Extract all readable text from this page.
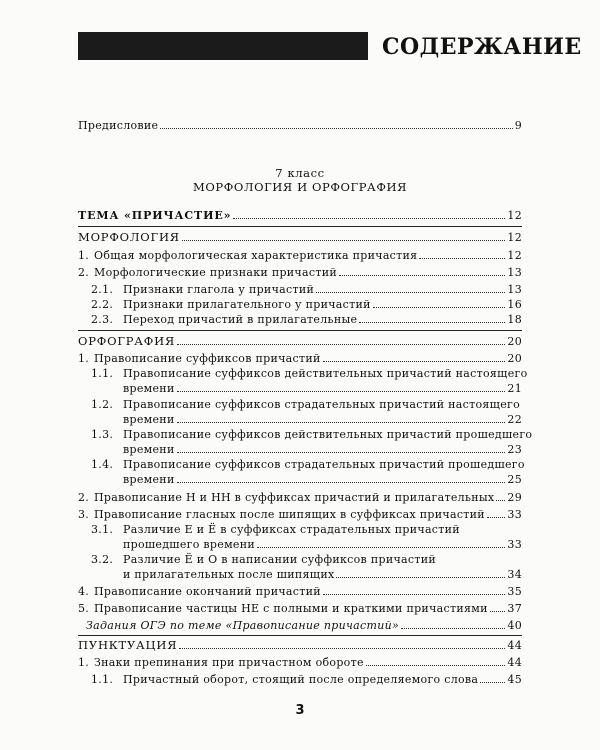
СОДЕРЖАНИЕ
Предисловие	9
7 класс
МОРФОЛОГИЯ И ОРФОГРАФИЯ
ТЕМА «ПРИЧАСТИЕ»	12
МОРФОЛОГИЯ	12
1. Общая морфологическая характеристика причастия	12
2. Морфологические признаки причастий	13
2.1. Признаки глагола у причастий	13
2.2. Признаки прилагательного у причастий	16
2.3. Переход причастий в прилагательные	18
ОРФОГРАФИЯ	20
1. Правописание суффиксов причастий	20
1.1. Правописание суффиксов действительных причастий настоящего
времени	21
1.2. Правописание суффиксов страдательных причастий настоящего
времени	22
1.3. Правописание суффиксов действительных причастий прошедшего
времени	23
1.4. Правописание суффиксов страдательных причастий прошедшего
времени	25
2. Правописание Н и НН в суффиксах причастий и прилагательных 29
3. Правописание гласных после шипящих в суффиксах причастий 33
3.1. Различие Е и Ё в суффиксах страдательных причастий
прошедшего времени	33
3.2. Различие Ё и О в написании суффиксов причастий
и прилагательных после шипящих	34
4. Правописание окончаний причастий	35
5. Правописание частицы НЕ с полными и краткими причастиями 37
Задания ОГЭ по теме «Правописание причастий»	40
ПУНКТУАЦИЯ	44
1. Знаки препинания при причастном обороте	44
1.1. Причастный оборот, стоящий после определяемого слова	45
3
